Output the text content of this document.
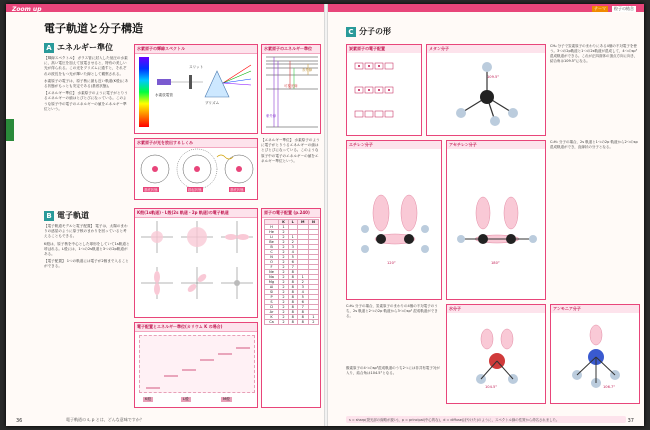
Zoom up
電子軌道と分子構造
A エネルギー準位

【輝線スペクトル】 ガラス管に封入した低圧の水素に，高い電圧を加えて放電させると，特有の美しい光が得られる。この光をプリズムに通すと，それぞれの波長をもつ光が輝いた線として観察される。

水素原子の電子は，原子核に最も近い軌道(K殻)にある状態がもっとも安定である(基底状態)。

【エネルギー準位】 水素原子のように電子がとりうるエネルギーの値はとびとびになっている。このような原子中の電子のエネルギーの値をエネルギー準位という。

水素原子の輝線スペクトル
スリット
プリズム
水素放電管
水素原子のエネルギー準位
紫外線
可視光線
赤外線
水素原子が光を放出するしくみ
基底状態	励起状態	基底状態

【エネルギー準位】 水素原子のように電子がとりうるエネルギーの値はとびとびになっている。このような原子中の電子のエネルギーの値をエネルギー準位という。

B 電子軌道

【電子軌道モデルと電子配置】 電子は，太陽のまわりの惑星のように原子核のまわりを回っていると考えることもできる。

K殻は，原子核を中心とした球形をしていて1s軌道と呼ばれる。L殻には，1つの2s軌道と3つの2p軌道がある。

【電子配置】 1つの軌道には電子が2個まで入ることができる。

K殻(1s軌道)・L殻(2s 軌道・2p 軌道)の電子軌道
電子配置とエネルギー準位(カリウム K の場合)
K殻	L殻	M殻
原子の電子配置 (p.240)
	K	L	M	N
H	1			
He	2			
Li	2	1		
Be	2	2		
B	2	3		
C	2	4		
N	2	5		
O	2	6		
F	2	7		
Ne	2	8		
Na	2	8	1	
Mg	2	8	2	
Al	2	8	3	
Si	2	8	4	
P	2	8	5	
S	2	8	6	
Cl	2	8	7	
Ar	2	8	8	
K	2	8	8	1
Ca	2	8	8	2
36	電子軌道の s, p とは，どんな意味ですか？
テーマ	粒子の結合
C 分子の形
炭素原子の電子配置	メタン分子
109.5°
CH₄ 分子で炭素原子のまわりにある4個の不対電子を使う。3つの2p軌道と1つの2s軌道が混成して，4つのsp³混成軌道ができる。これが正四面体の頂点方向に向き，結合角は109.5°になる。
エチレン分子
120°
C₂H₄ 分子の場合，炭素原子のまわりの4個の不対電子のうち，2s 軌道と2つの2p 軌道から3つのsp² 混成軌道ができる。
アセチレン分子
180°
C₂H₂ 分子の場合，2s 軌道と1つの2p 軌道から2つのsp 混成軌道ができ，直線状の分子となる。
水分子
104.5°
アンモニア分子
106.7°
酸素原子の4つのsp³混成軌道のうち2つには非共有電子対が入り，結合角は104.5°となる。
s = sharp(発光部の線路が鋭い)，p = principal(中心的な)，d = diffuse(ぼやけた)のように，スペクトル線の性質から命名されました。	37
